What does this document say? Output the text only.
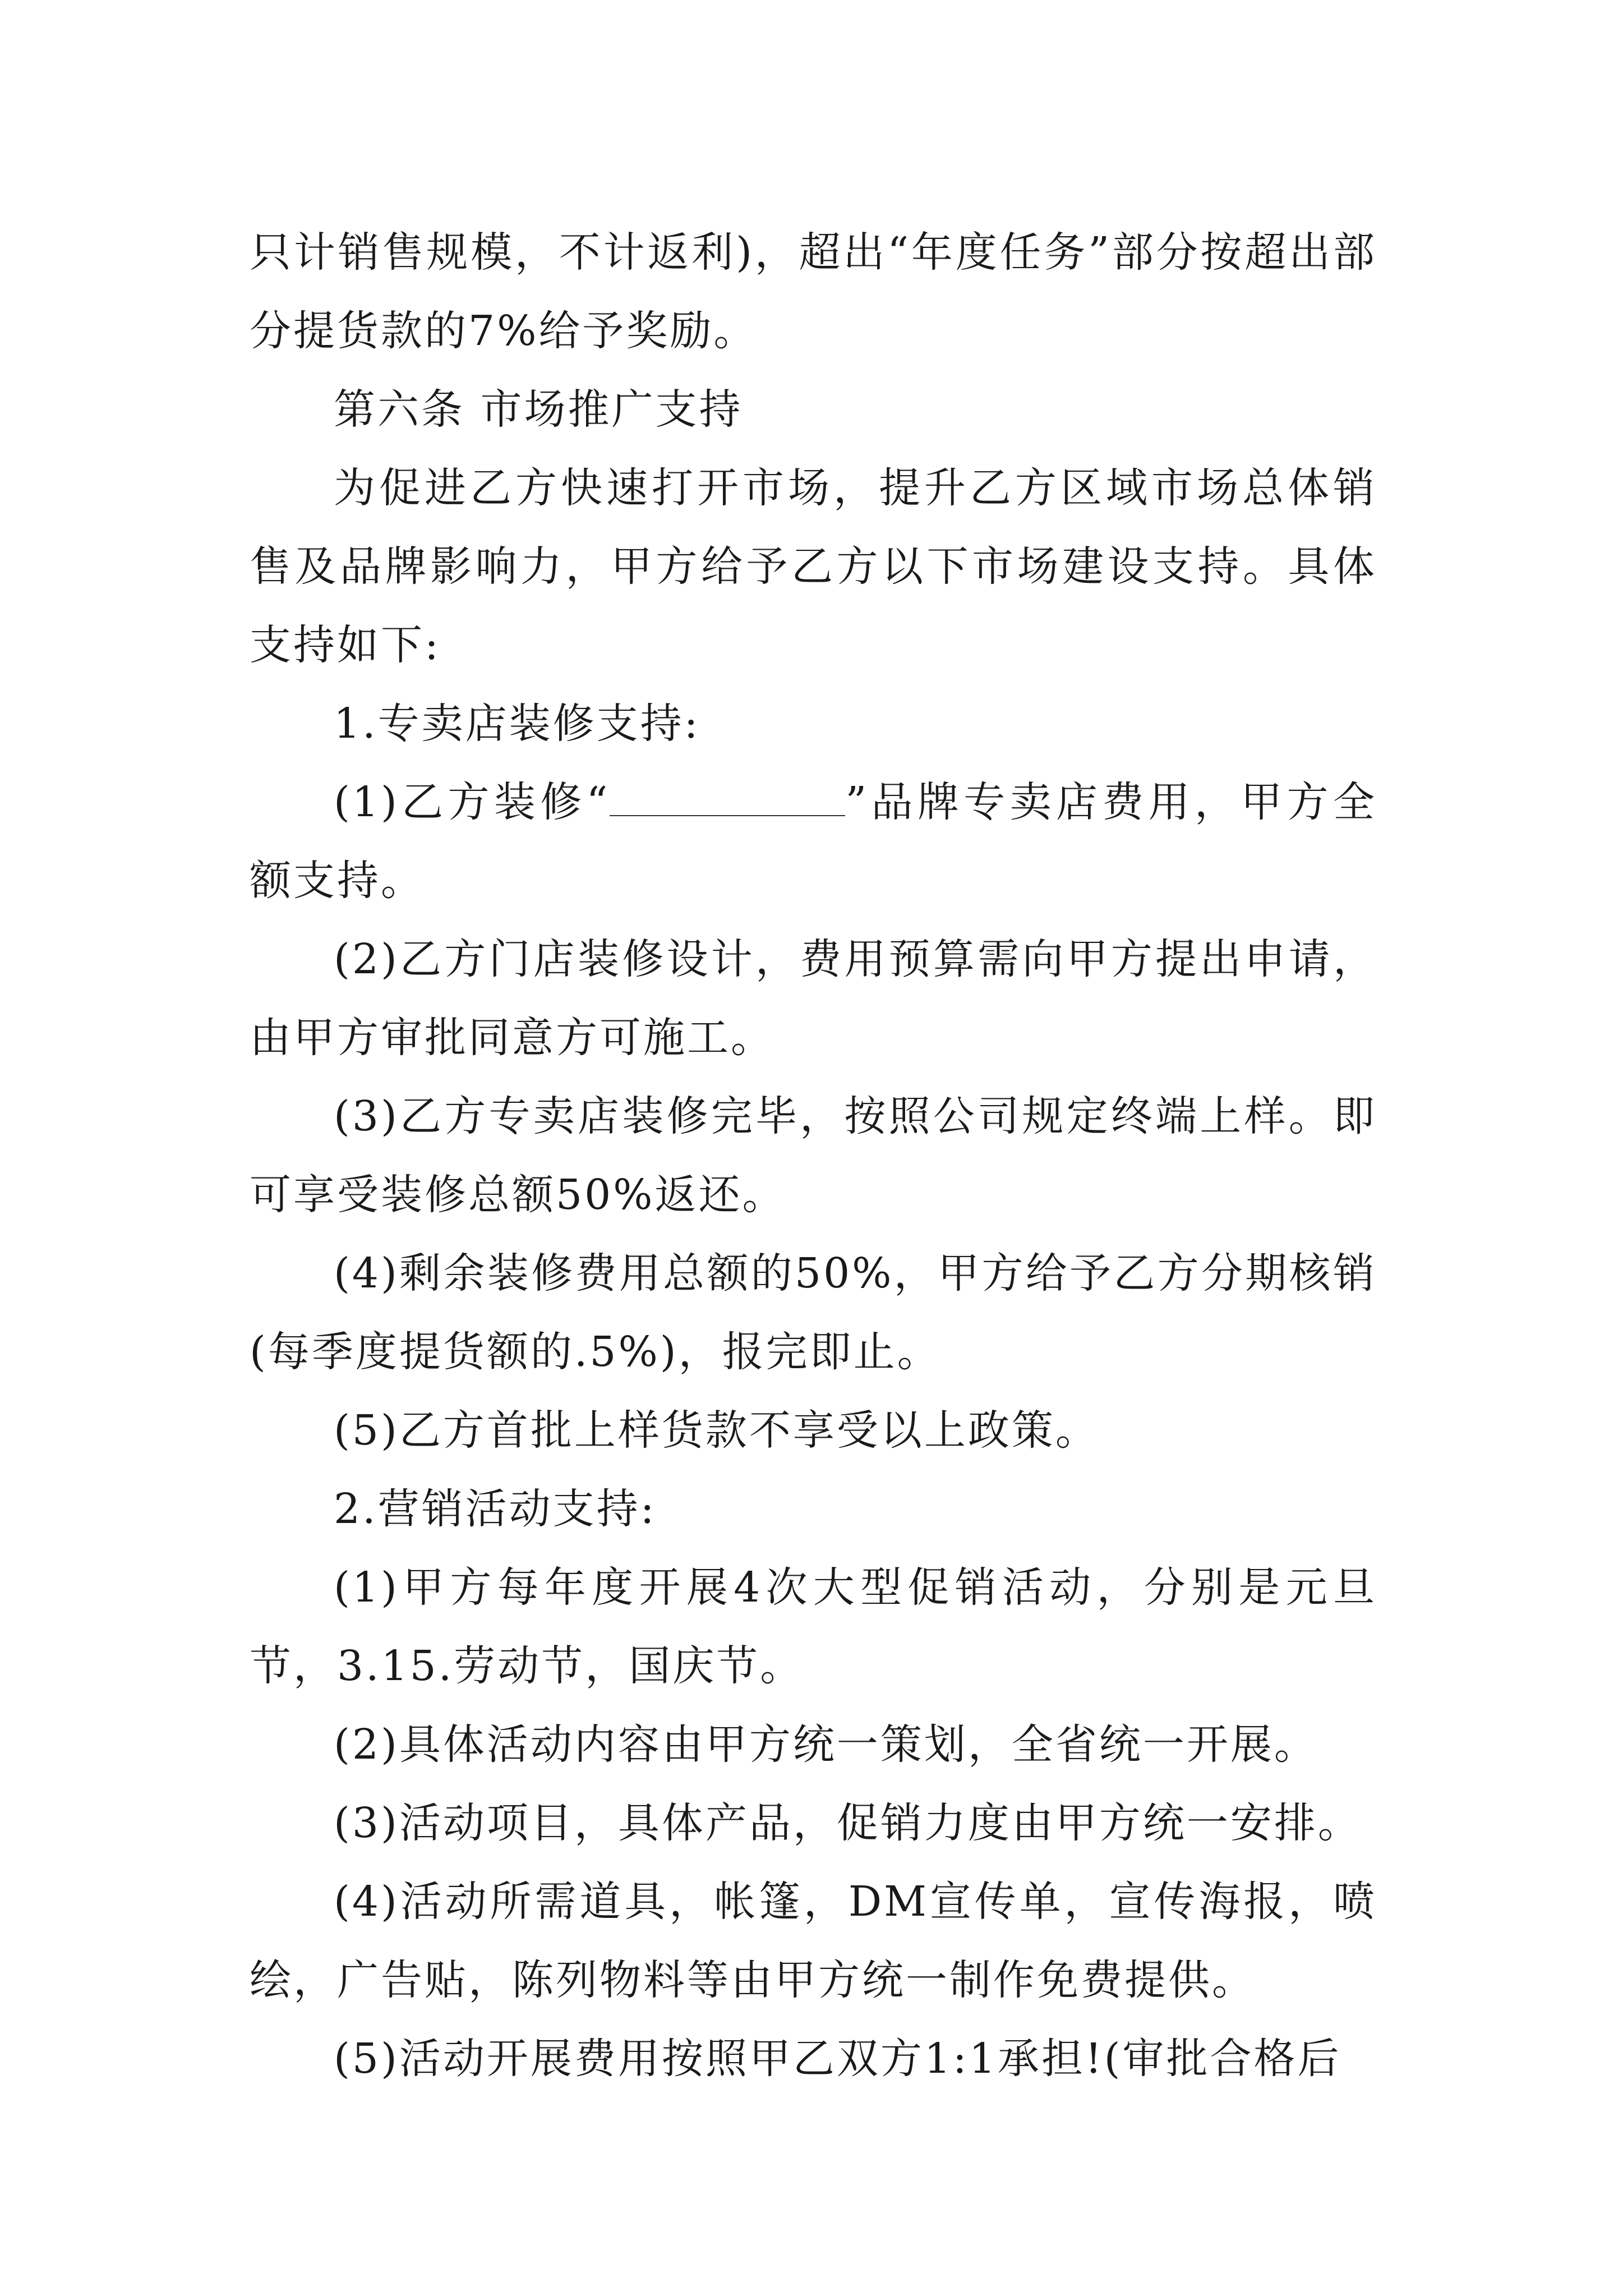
只计销售规模，不计返利)，超出“年度任务”部分按超出部分提货款的7%给予奖励。

第六条 市场推广支持

为促进乙方快速打开市场，提升乙方区域市场总体销售及品牌影响力，甲方给予乙方以下市场建设支持。具体支持如下:

1.专卖店装修支持:

(1)乙方装修“	”品牌专卖店费用，甲方全额支持。

(2)乙方门店装修设计，费用预算需向甲方提出申请，由甲方审批同意方可施工。

(3)乙方专卖店装修完毕，按照公司规定终端上样。即可享受装修总额50%返还。

(4)剩余装修费用总额的50%，甲方给予乙方分期核销(每季度提货额的.5%)，报完即止。

(5)乙方首批上样货款不享受以上政策。

2.营销活动支持:

(1)甲方每年度开展4次大型促销活动，分别是元旦节，3.15.劳动节，国庆节。

(2)具体活动内容由甲方统一策划，全省统一开展。

(3)活动项目，具体产品，促销力度由甲方统一安排。

(4)活动所需道具，帐篷，DM宣传单，宣传海报，喷绘，广告贴，陈列物料等由甲方统一制作免费提供。

(5)活动开展费用按照甲乙双方1:1承担!(审批合格后
